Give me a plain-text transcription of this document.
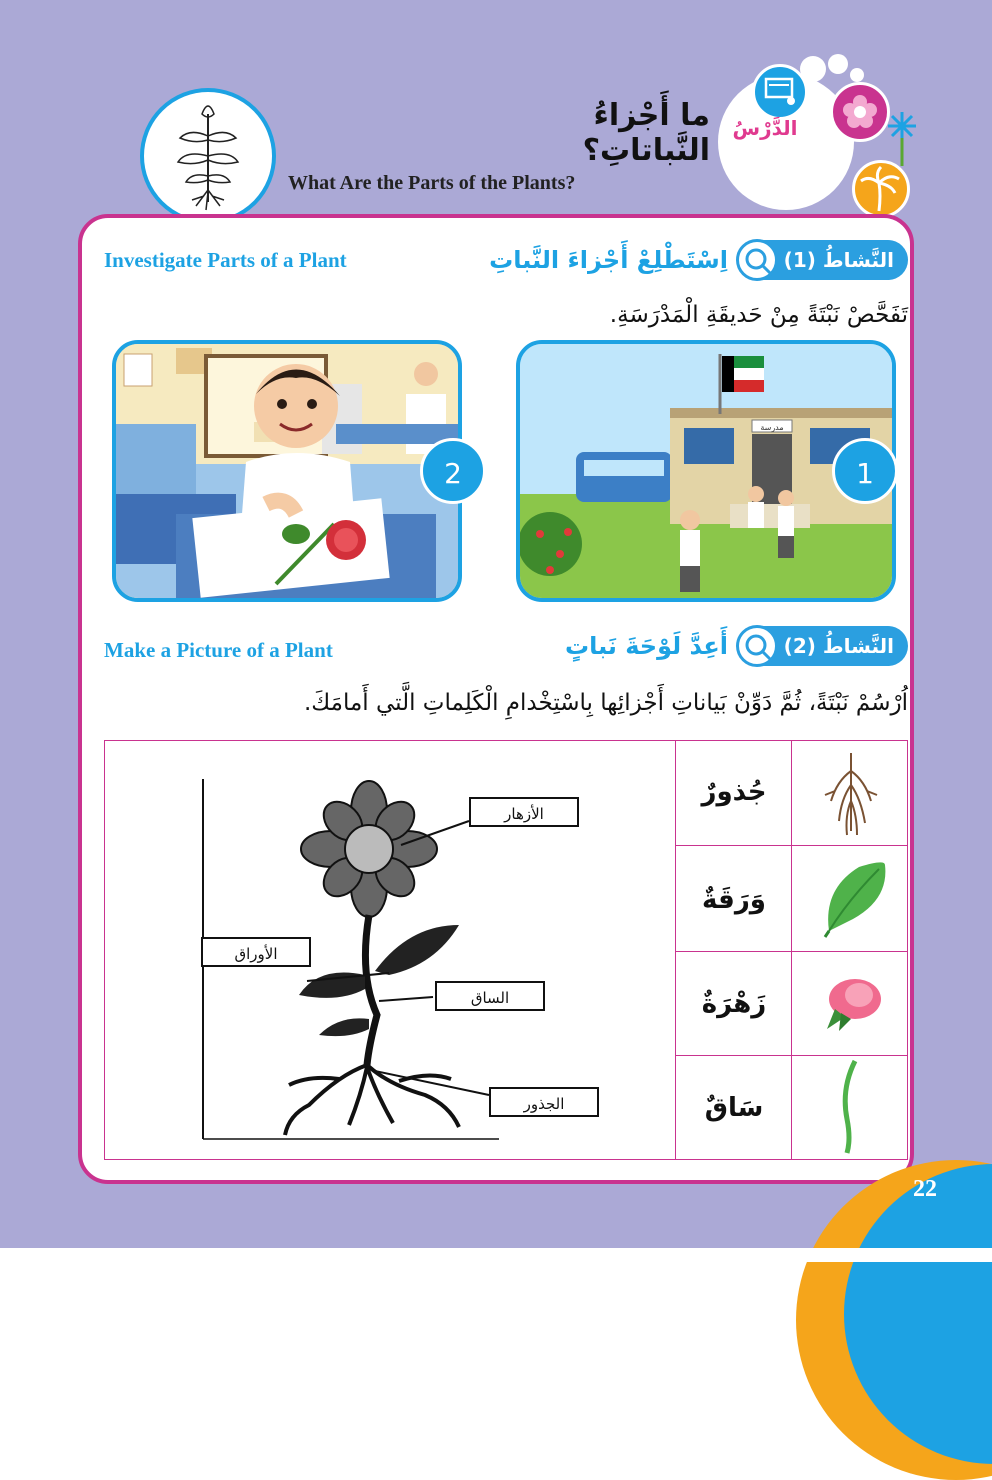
ما أَجْزاءُ النَّباتاتِ؟
What Are the Parts of the Plants?
الدَّرْسُ
النَّشاطُ (1)
اِسْتَطْلِعْ أَجْزاءَ النَّباتِ
Investigate Parts of a Plant
تَفَحَّصْ نَبْتَةً مِنْ حَديقَةِ الْمَدْرَسَةِ.
مدرسة
1
2
النَّشاطُ (2)
أَعِدَّ لَوْحَةَ نَباتٍ
Make a Picture of a Plant
اُرْسُمْ نَبْتَةً، ثُمَّ دَوِّنْ بَياناتِ أَجْزائِها بِاسْتِخْدامِ الْكَلِماتِ الَّتي أَمامَكَ.
الأزهار
الأوراق
الساق
الجذور
جُذورٌ
وَرَقَةٌ
زَهْرَةٌ
سَاقٌ
22
